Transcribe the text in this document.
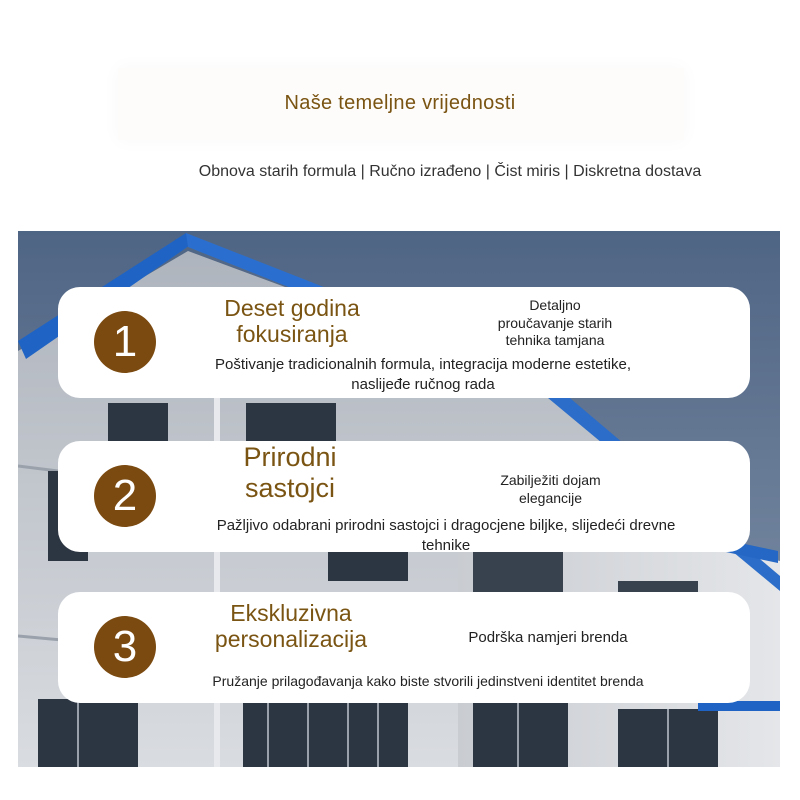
Naše temeljne vrijednosti
Obnova starih formula | Ručno izrađeno | Čist miris | Diskretna dostava
1
Deset godina
fokusiranja
Detaljno
proučavanje starih
tehnika tamjana
Poštivanje tradicionalnih formula, integracija moderne estetike,
naslijeđe ručnog rada
2
Prirodni
sastojci	Zabilježiti dojam
elegancije
Pažljivo odabrani prirodni sastojci i dragocjene biljke, slijedeći drevne
tehnike
3
Ekskluzivna
personalizacija	Podrška namjeri brenda
Pružanje prilagođavanja kako biste stvorili jedinstveni identitet brenda
